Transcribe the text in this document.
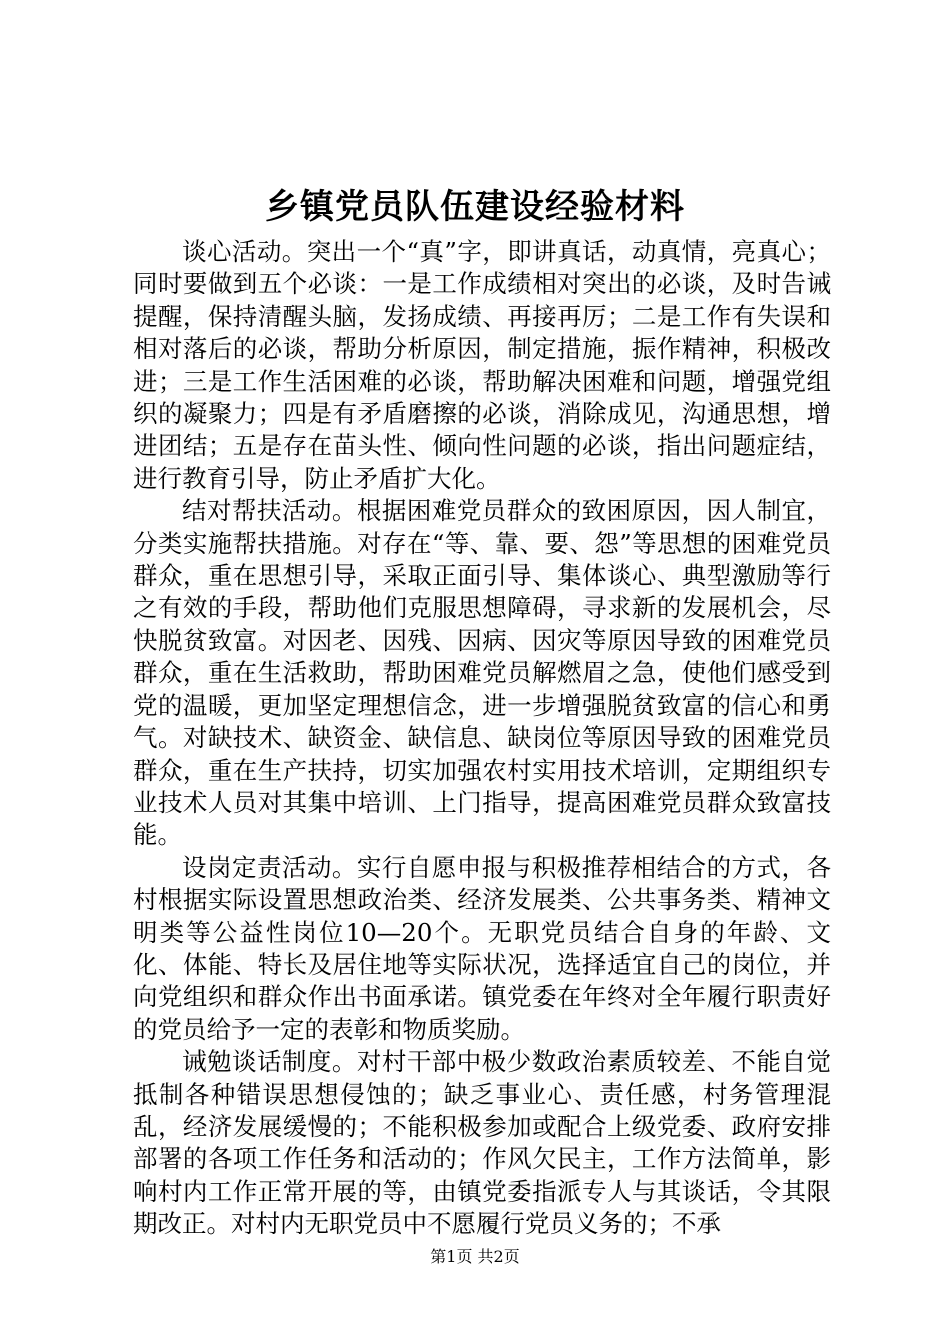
乡镇党员队伍建设经验材料

谈心活动。突出一个“真”字，即讲真话，动真情，亮真心；同时要做到五个必谈：一是工作成绩相对突出的必谈，及时告诫提醒，保持清醒头脑，发扬成绩、再接再厉；二是工作有失误和相对落后的必谈，帮助分析原因，制定措施，振作精神，积极改进；三是工作生活困难的必谈，帮助解决困难和问题，增强党组织的凝聚力；四是有矛盾磨擦的必谈，消除成见，沟通思想，增进团结；五是存在苗头性、倾向性问题的必谈，指出问题症结，进行教育引导，防止矛盾扩大化。

结对帮扶活动。根据困难党员群众的致困原因，因人制宜，分类实施帮扶措施。对存在“等、靠、要、怨”等思想的困难党员群众，重在思想引导，采取正面引导、集体谈心、典型激励等行之有效的手段，帮助他们克服思想障碍，寻求新的发展机会，尽快脱贫致富。对因老、因残、因病、因灾等原因导致的困难党员群众，重在生活救助，帮助困难党员解燃眉之急，使他们感受到党的温暖，更加坚定理想信念，进一步增强脱贫致富的信心和勇气。对缺技术、缺资金、缺信息、缺岗位等原因导致的困难党员群众，重在生产扶持，切实加强农村实用技术培训，定期组织专业技术人员对其集中培训、上门指导，提高困难党员群众致富技能。

设岗定责活动。实行自愿申报与积极推荐相结合的方式，各村根据实际设置思想政治类、经济发展类、公共事务类、精神文明类等公益性岗位10—20个。无职党员结合自身的年龄、文化、体能、特长及居住地等实际状况，选择适宜自己的岗位，并向党组织和群众作出书面承诺。镇党委在年终对全年履行职责好的党员给予一定的表彰和物质奖励。

诫勉谈话制度。对村干部中极少数政治素质较差、不能自觉抵制各种错误思想侵蚀的；缺乏事业心、责任感，村务管理混乱，经济发展缓慢的；不能积极参加或配合上级党委、政府安排部署的各项工作任务和活动的；作风欠民主，工作方法简单，影响村内工作正常开展的等，由镇党委指派专人与其谈话，令其限期改正。对村内无职党员中不愿履行党员义务的；不承

第1页 共2页
